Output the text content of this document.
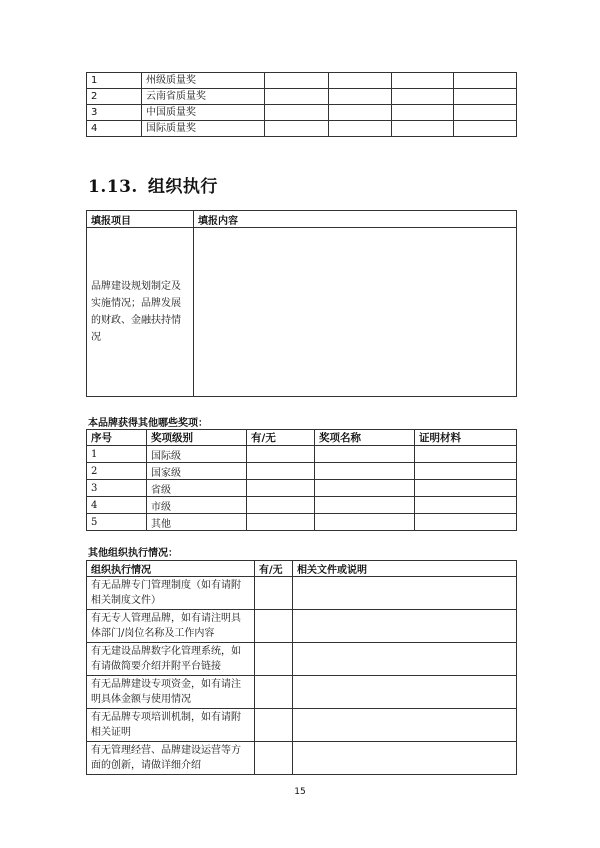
1	州级质量奖				
2	云南省质量奖				
3	中国质量奖				
4	国际质量奖				
1.13. 组织执行
填报项目	填报内容
品牌建设规划制定及实施情况；品牌发展的财政、金融扶持情况	
本品牌获得其他哪些奖项：
序号	奖项级别	有/无	奖项名称	证明材料
1	国际级			
2	国家级			
3	省级			
4	市级			
5	其他			
其他组织执行情况：
组织执行情况	有/无	相关文件或说明
有无品牌专门管理制度（如有请附相关制度文件）		
有无专人管理品牌，如有请注明具体部门/岗位名称及工作内容		
有无建设品牌数字化管理系统，如有请做简要介绍并附平台链接		
有无品牌建设专项资金，如有请注明具体金额与使用情况		
有无品牌专项培训机制，如有请附相关证明		
有无管理经营、品牌建设运营等方面的创新，请做详细介绍		
15
